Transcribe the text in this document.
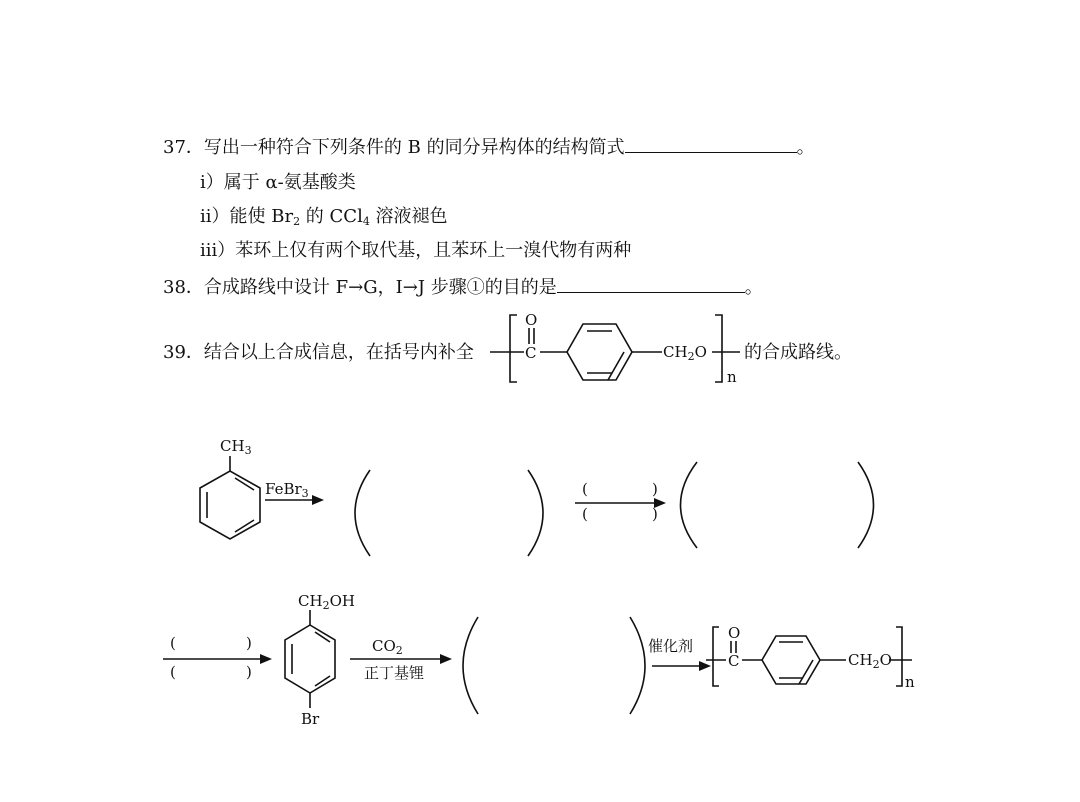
37．写出一种符合下列条件的 B 的同分异构体的结构简式	。
i）属于 α-氨基酸类
ii）能使 $Br_2$ 的 CCl$_4$ 溶液褪色
iii）苯环上仅有两个取代基，且苯环上一溴代物有两种
38．合成路线中设计 F→G，I→J 步骤①的目的是	。
39．结合以上合成信息，在括号内补全	的合成路线。
O
C	$CH_2O$
n
$CH_3$
FeBr$_3$	(	)
(	)
(	)
(	)
$CH_2OH$
Br
$CO_2$
正丁基锂
催化剂
O
C	$CH_2O$
n
